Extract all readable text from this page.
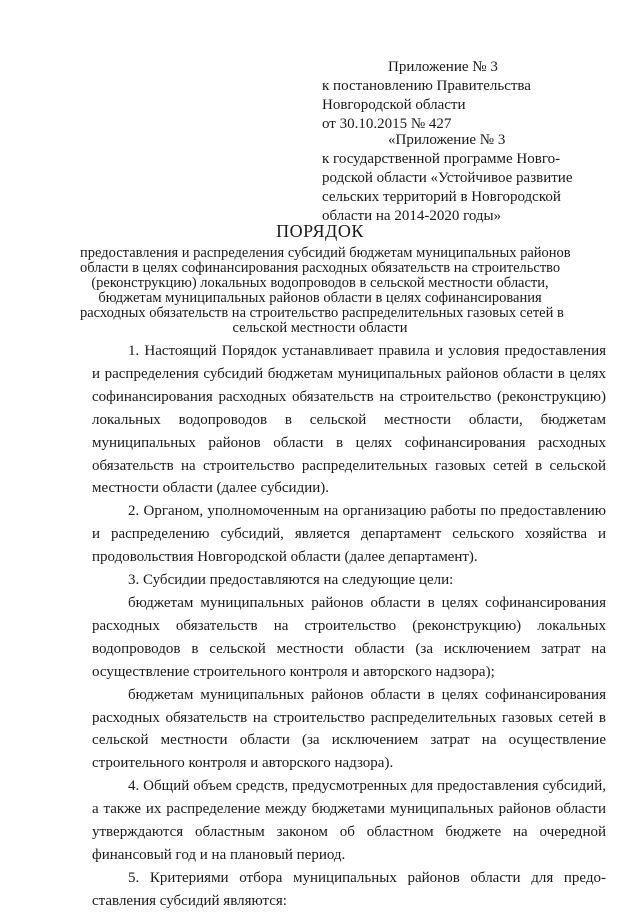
Приложение № 3
к постановлению Правительства
Новгородской области
от 30.10.2015 № 427
«Приложение № 3
к государственной программе Новго-
родской области «Устойчивое развитие
сельских территорий в Новгородской
области на 2014-2020 годы»
ПОРЯДОК
предоставления и распределения субсидий бюджетам муниципальных районов
области в целях софинансирования расходных обязательств на строительство
(реконструкцию) локальных водопроводов в сельской местности области,
бюджетам муниципальных районов области в целях софинансирования
расходных обязательств на строительство распределительных газовых сетей в
сельской местности области

1. Настоящий Порядок устанавливает правила и условия предоставления и распределения субсидий бюджетам муниципальных районов области в целях софинансирования расходных обязательств на строительство (реконструкцию) локальных водопроводов в сельской местности области, бюджетам муниципальных районов области в целях софинансирования расходных обязательств на строительство распределительных газовых сетей в сельской местности области (далее субсидии).

2. Органом, уполномоченным на организацию работы по предоставлению и распределению субсидий, является департамент сельского хозяйства и продовольствия Новгородской области (далее департамент).

3. Субсидии предоставляются на следующие цели:

бюджетам муниципальных районов области в целях софинансирования расходных обязательств на строительство (реконструкцию) локальных водопроводов в сельской местности области (за исключением затрат на осуществление строительного контроля и авторского надзора);

бюджетам муниципальных районов области в целях софинансирования расходных обязательств на строительство распределительных газовых сетей в сельской местности области (за исключением затрат на осуществление строительного контроля и авторского надзора).

4. Общий объем средств, предусмотренных для предоставления субсидий, а также их распределение между бюджетами муниципальных районов области утверждаются областным законом об областном бюджете на очередной финансовый год и на плановый период.

5. Критериями отбора муниципальных районов области для предо-ставления субсидий являются:
